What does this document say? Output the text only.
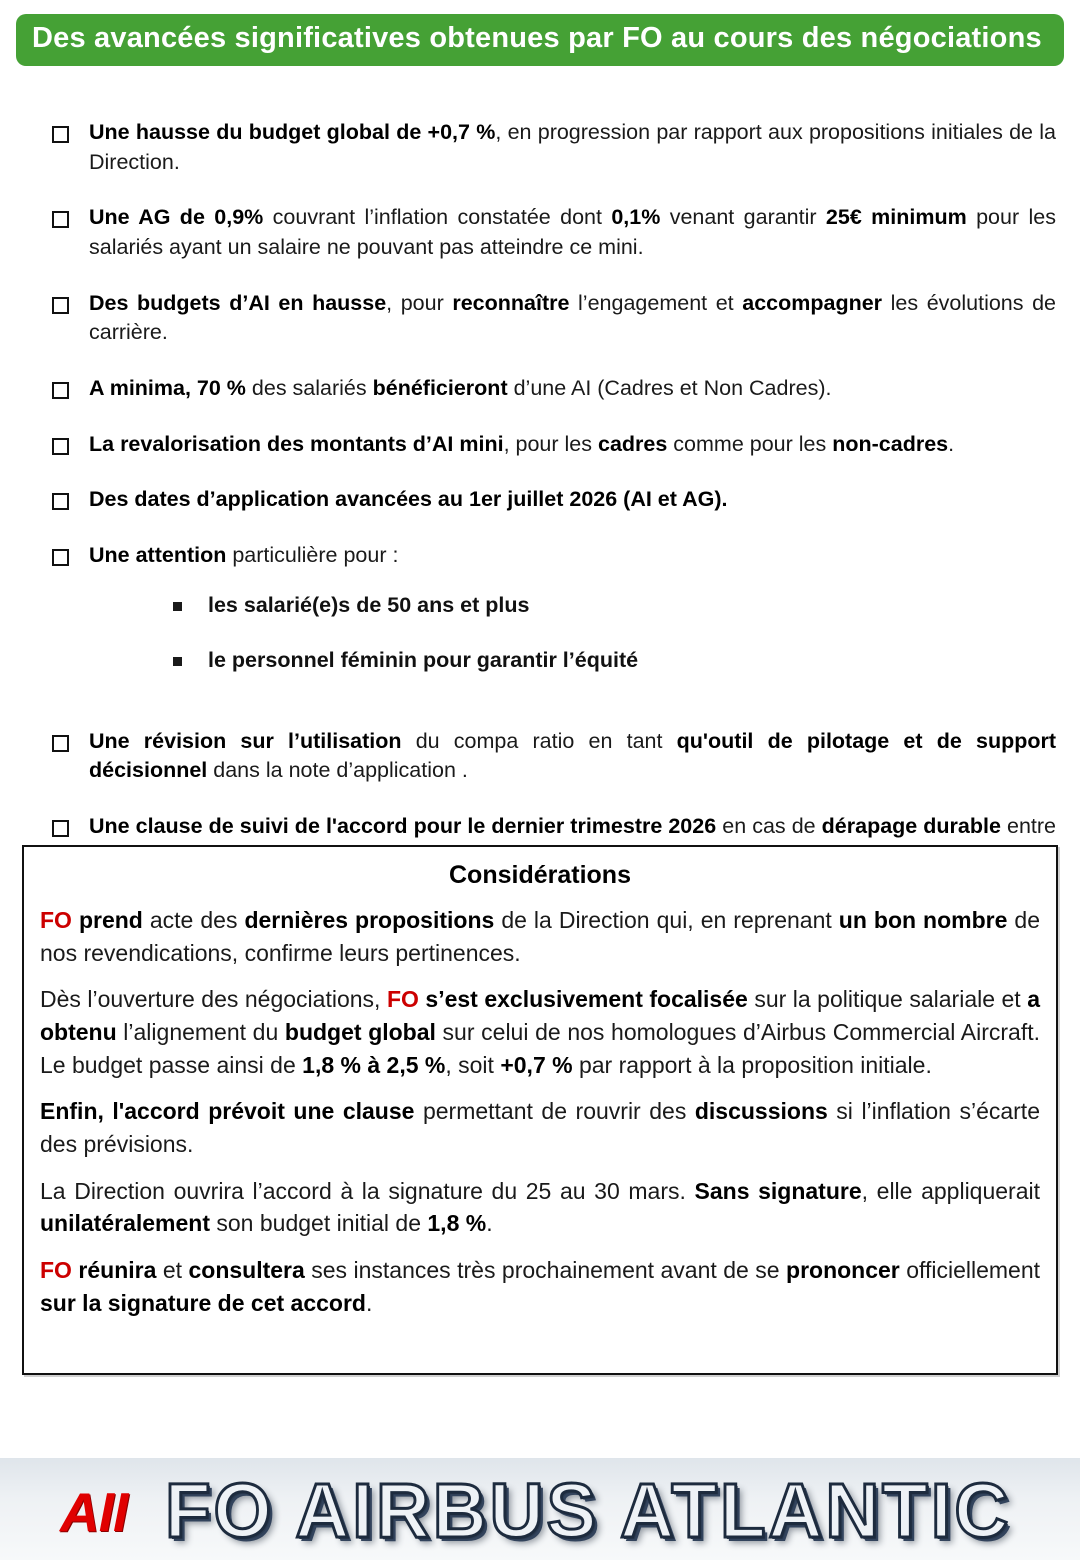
Des avancées significatives obtenues par FO au cours des négociations
Une hausse du budget global de +0,7 %, en progression par rapport aux propositions initiales de la Direction.
Une AG de 0,9% couvrant l’inflation constatée dont 0,1% venant garantir 25€ minimum pour les salariés ayant un salaire ne pouvant pas atteindre ce mini.
Des budgets d’AI en hausse, pour reconnaître l’engagement et accompagner les évolutions de carrière.
A minima, 70 % des salariés bénéficieront d’une AI (Cadres et Non Cadres).
La revalorisation des montants d’AI mini, pour les cadres comme pour les non-cadres.
Des dates d’application avancées au 1er juillet 2026 (AI et AG).
Une attention particulière pour :
les salarié(e)s de 50 ans et plus
le personnel féminin pour garantir l’équité
Une révision sur l’utilisation du compa ratio en tant qu'outil de pilotage et de support décisionnel dans la note d’application .
Une clause de suivi de l'accord pour le dernier trimestre 2026 en cas de dérapage durable entre
Considérations
FO prend acte des dernières propositions de la Direction qui, en reprenant un bon nombre de nos revendications, confirme leurs pertinences.
Dès l’ouverture des négociations, FO s’est exclusivement focalisée sur la politique salariale et a obtenu l’alignement du budget global sur celui de nos homologues d’Airbus Commercial Aircraft. Le budget passe ainsi de 1,8 % à 2,5 %, soit +0,7 % par rapport à la proposition initiale.
Enfin, l'accord prévoit une clause permettant de rouvrir des discussions si l’inflation s’écarte des prévisions.
La Direction ouvrira l’accord à la signature du 25 au 30 mars. Sans signature, elle appliquerait unilatéralement son budget initial de 1,8 %.
FO réunira et consultera ses instances très prochainement avant de se prononcer officiellement sur la signature de cet accord.
AII FO AIRBUS ATLANTIC
